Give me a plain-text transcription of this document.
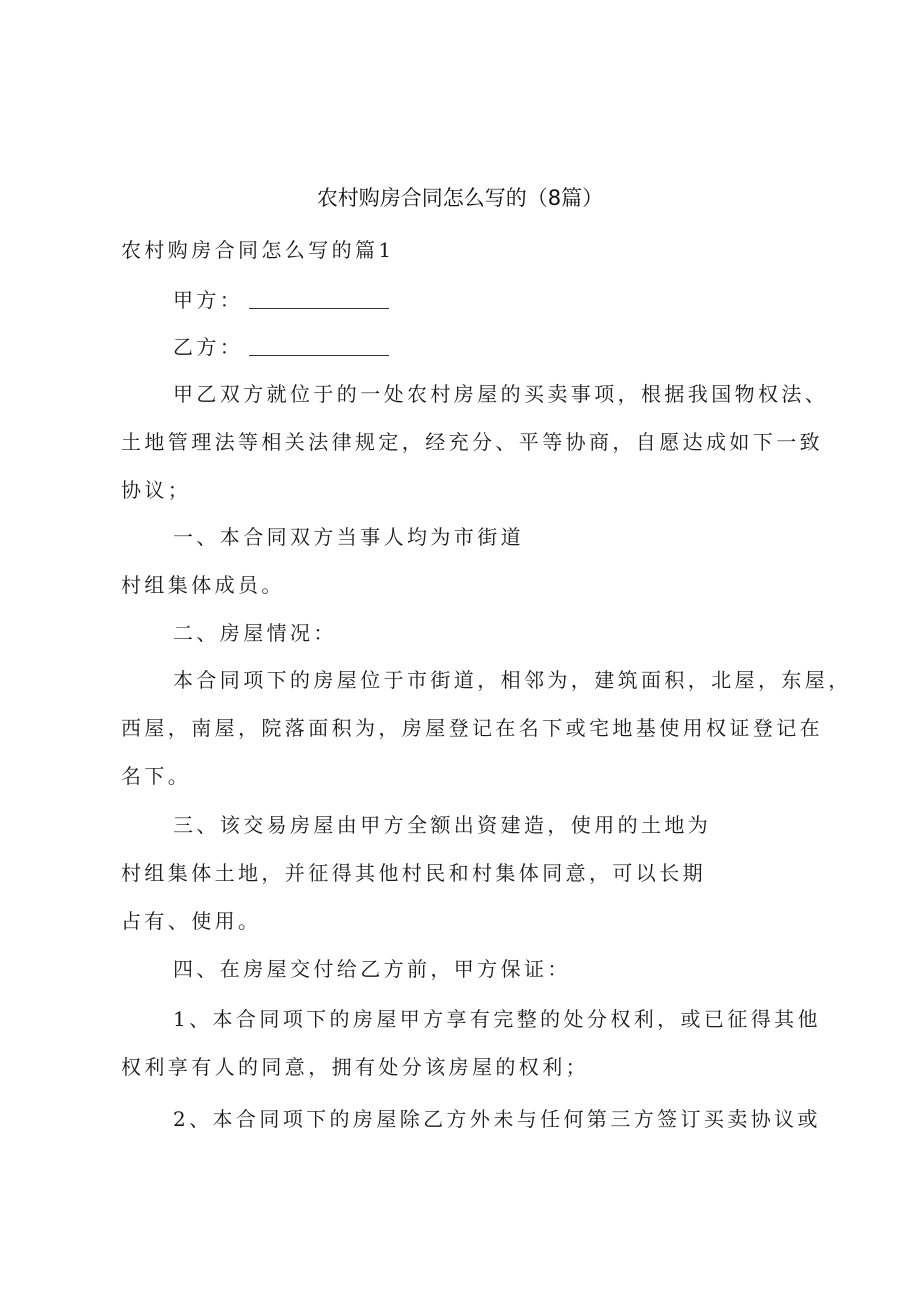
农村购房合同怎么写的（8篇）
农村购房合同怎么写的篇1
甲方：
乙方：
甲乙双方就位于的一处农村房屋的买卖事项，根据我国物权法、
土地管理法等相关法律规定，经充分、平等协商，自愿达成如下一致
协议；
一、本合同双方当事人均为市街道
村组集体成员。
二、房屋情况：
本合同项下的房屋位于市街道，相邻为，建筑面积，北屋，东屋，
西屋，南屋，院落面积为，房屋登记在名下或宅地基使用权证登记在
名下。
三、该交易房屋由甲方全额出资建造，使用的土地为
村组集体土地，并征得其他村民和村集体同意，可以长期
占有、使用。
四、在房屋交付给乙方前，甲方保证：
1、本合同项下的房屋甲方享有完整的处分权利，或已征得其他
权利享有人的同意，拥有处分该房屋的权利；
2、本合同项下的房屋除乙方外未与任何第三方签订买卖协议或
